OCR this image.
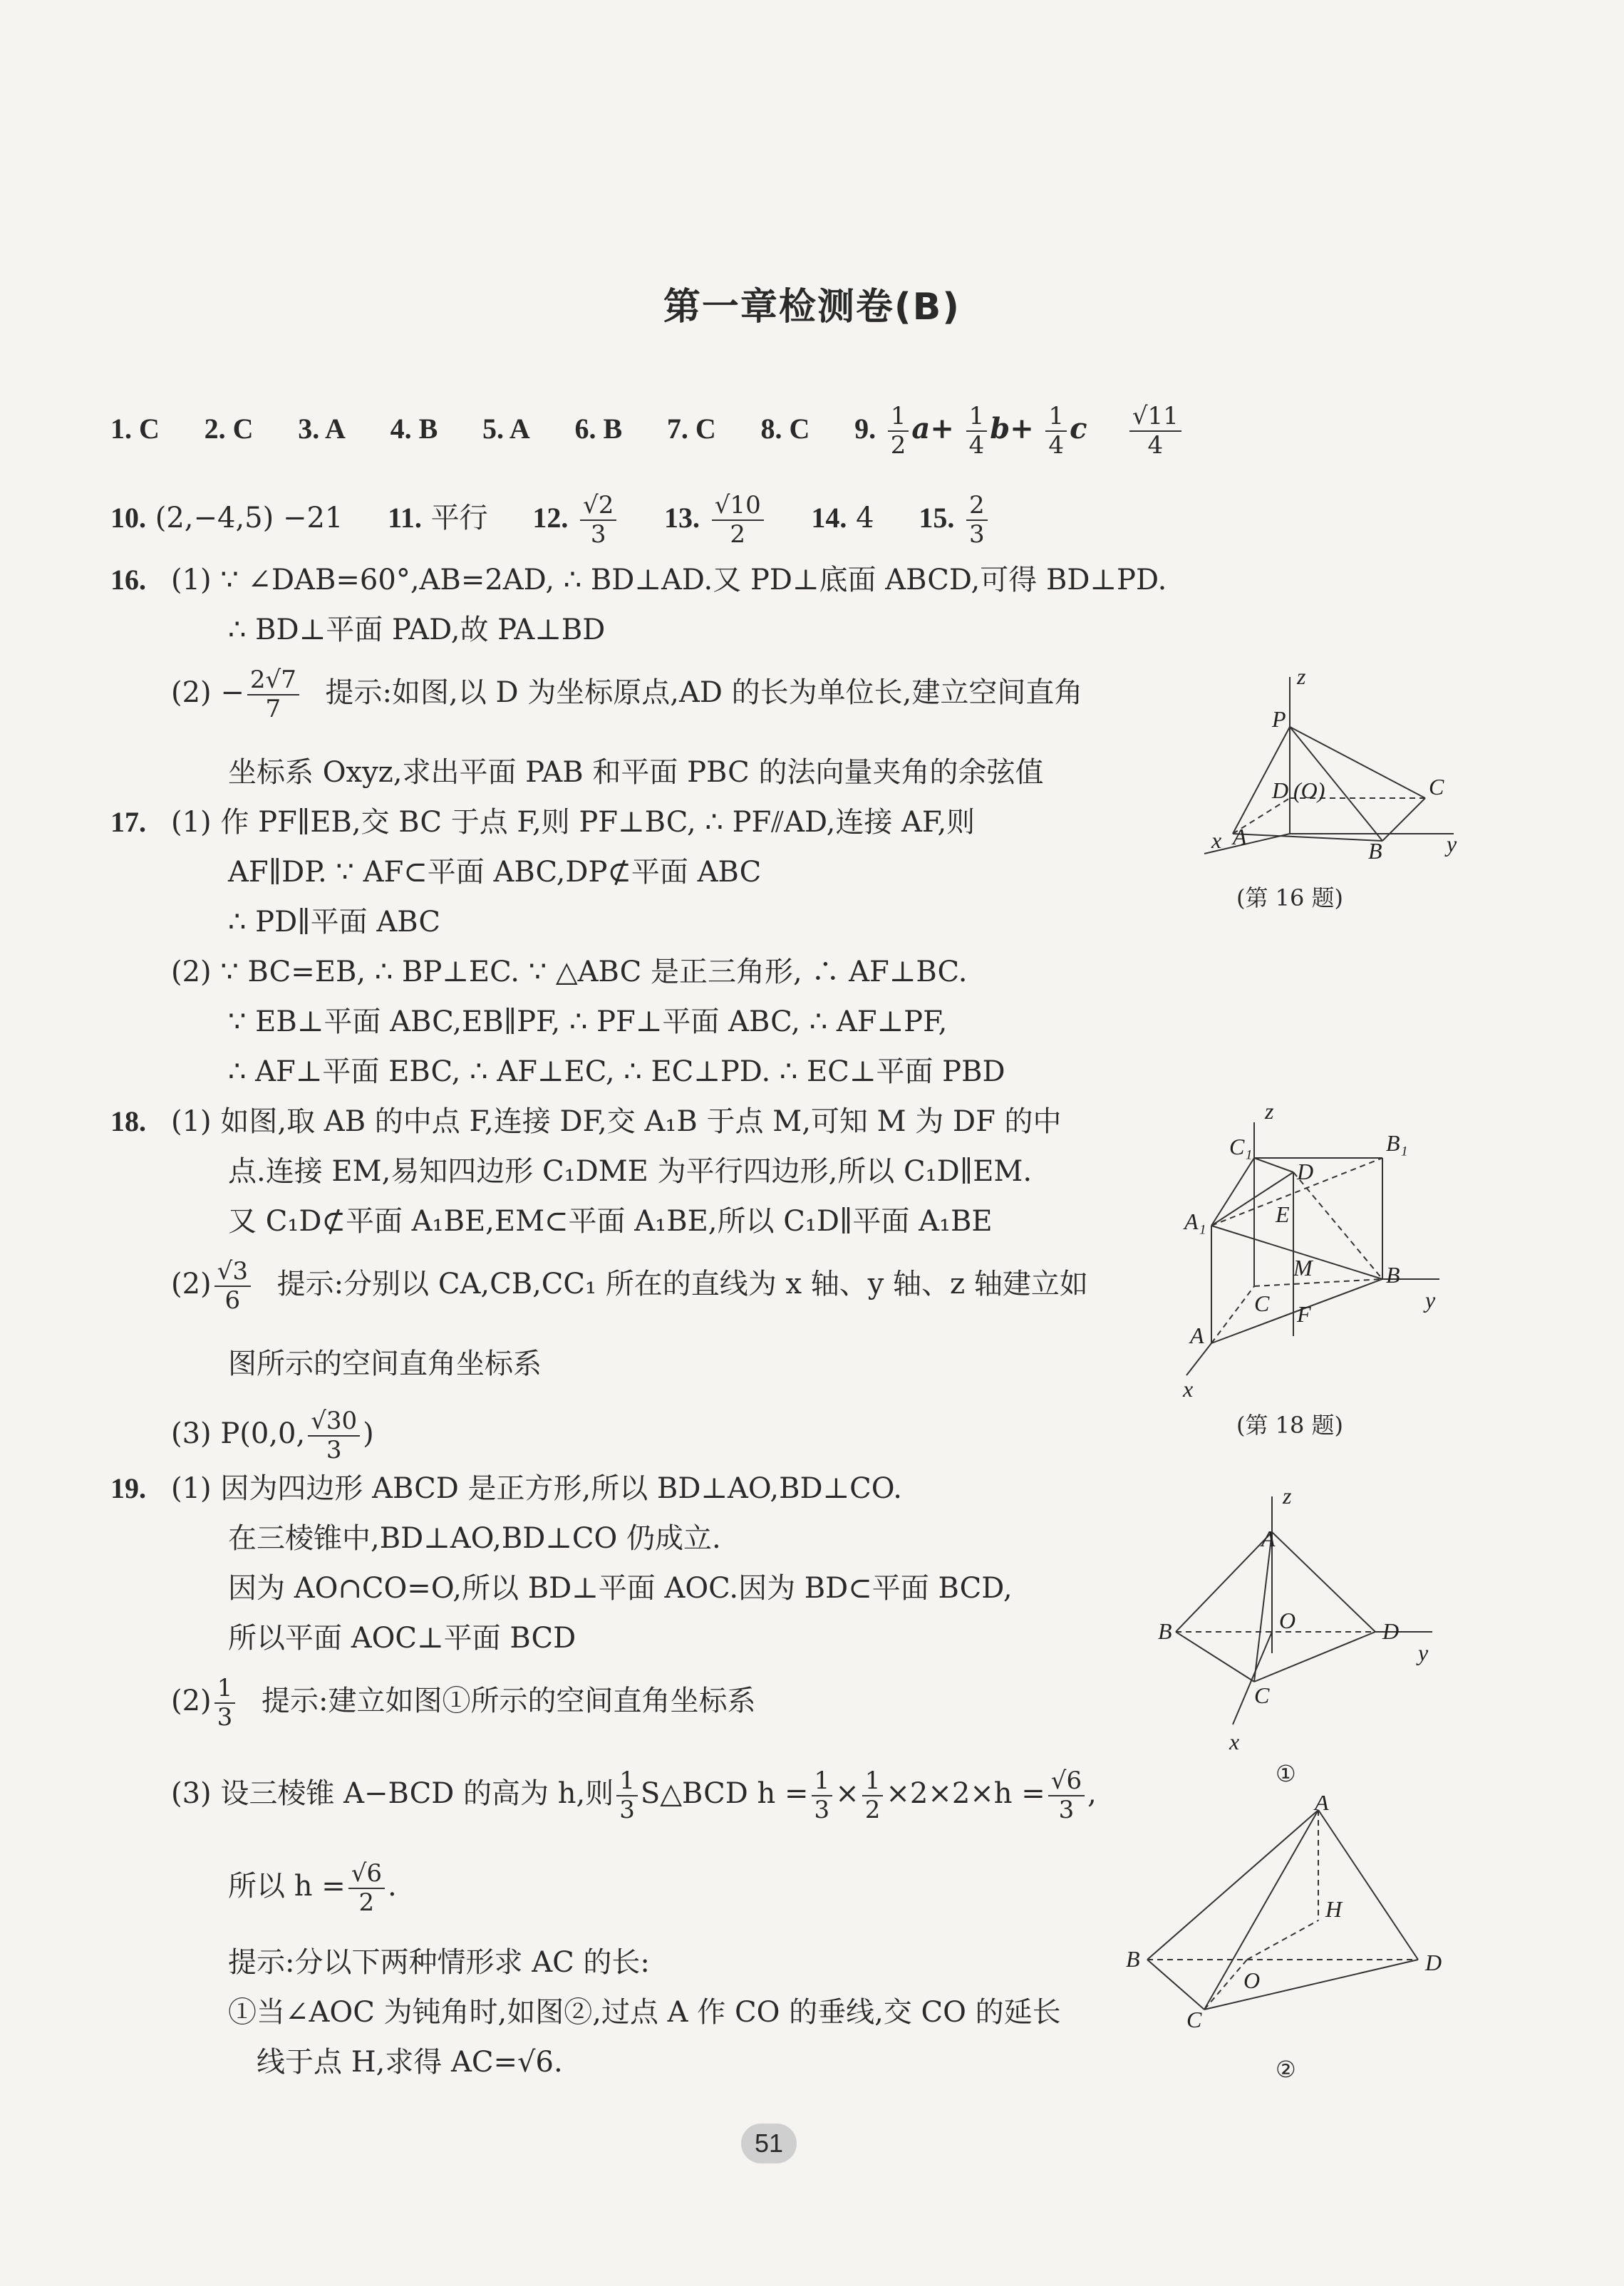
第一章检测卷(B)
1. C 2. C 3. A 4. B 5. A 6. B 7. C 8. C 9. $\frac{1}{2} a+ \frac{1}{4} b+ \frac{1}{4}$ c $\frac{√11}{4}$
10. (2,−4,5) −21 11. 平行 12. $\frac{√2}{3} 13$. $\frac{√10}{2} 14$. 4 15. $\frac{2}{3}$
16. (1) ∵ ∠DAB=60°,AB=2AD, ∴ BD⊥AD.又 PD⊥底面 ABCD,可得 BD⊥PD.
∴ BD⊥平面 PAD,故 PA⊥BD
$(2) - \frac{2√7}{7}$ 提示:如图,以 D 为坐标原点,AD 的长为单位长,建立空间直角
坐标系 Oxyz,求出平面 PAB 和平面 PBC 的法向量夹角的余弦值
17. (1) 作 PF∥EB,交 BC 于点 F,则 PF⊥BC, ∴ PF⫽AD,连接 AF,则
AF∥DP. ∵ AF⊂平面 ABC,DP⊄平面 ABC
∴ PD∥平面 ABC
(2) ∵ BC=EB, ∴ BP⊥EC. ∵ △ABC 是正三角形, ∴ AF⊥BC.
∵ EB⊥平面 ABC,EB∥PF, ∴ PF⊥平面 ABC, ∴ AF⊥PF,
∴ AF⊥平面 EBC, ∴ AF⊥EC, ∴ EC⊥PD. ∴ EC⊥平面 PBD
18. (1) 如图,取 AB 的中点 F,连接 DF,交 A₁B 于点 M,可知 M 为 DF 的中
点.连接 EM,易知四边形 C₁DME 为平行四边形,所以 C₁D∥EM.
又 C₁D⊄平面 A₁BE,EM⊂平面 A₁BE,所以 C₁D∥平面 A₁BE
$(2) \frac{√3}{6}$ 提示:分别以 CA,CB,CC₁ 所在的直线为 x 轴、y 轴、z 轴建立如
图所示的空间直角坐标系
(3) P(0,0, $\frac{√30}{3}$ )
19. (1) 因为四边形 ABCD 是正方形,所以 BD⊥AO,BD⊥CO.
在三棱锥中,BD⊥AO,BD⊥CO 仍成立.
因为 AO∩CO=O,所以 BD⊥平面 AOC.因为 BD⊂平面 BCD,
所以平面 AOC⊥平面 BCD
$(2) \frac{1}{3}$ 提示:建立如图①所示的空间直角坐标系
(3) 设三棱锥 A−BCD 的高为 h,则 $\frac{1}{3}$ S△BCD $h = \frac{1}{3} \times \frac{1}{2} \times 2\times 2\times h = \frac{√6}{3}$ ,
所以 $h = \frac{√6}{2}$ .
提示:分以下两种情形求 AC 的长:
①当∠AOC 为钝角时,如图②,过点 A 作 CO 的垂线,交 CO 的延长
线于点 H,求得 AC=√6.
z
P
D (O)	C
x A
B	y
(第 16 题)
z
C₁	B₁
D
A₁	E
M	B
C F
y
A
x
(第 18 题)
z
A
B	O	D
y
C
x
①
A
H
B
O
D
C
②
51
